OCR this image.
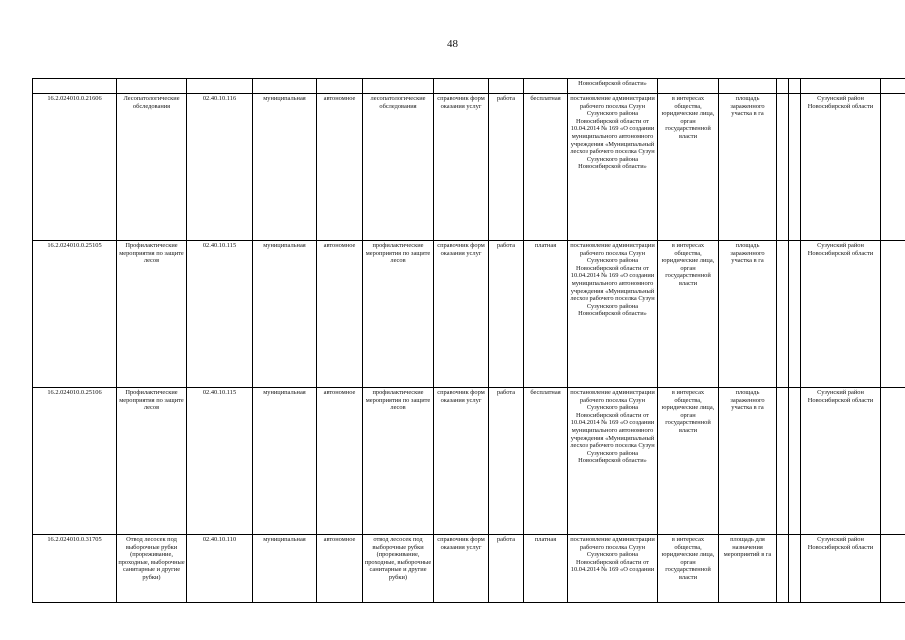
48
									Новосибирской области»						
16.2.024010.0.21606	Лесопатологические обследования	02.40.10.116	муниципальная	автономное	лесопатологические обследования	справочник форм оказания услуг	работа	бесплатная	постановление администрации рабочего поселка Сузун Сузунского района Новосибирской области от 10.04.2014 № 169 «О создании муниципального автономного учреждения «Муниципальный лесхоз рабочего поселка Сузун Сузунского района Новосибирской области»	в интересах общества, юридические лица, орган государственной власти	площадь зараженного участка в га			Сузунский район Новосибирской области	
16.2.024010.0.25105	Профилактические мероприятия по защите лесов	02.40.10.115	муниципальная	автономное	профилактические мероприятия по защите лесов	справочник форм оказания услуг	работа	платная	постановление администрации рабочего поселка Сузун Сузунского района Новосибирской области от 10.04.2014 № 169 «О создании муниципального автономного учреждения «Муниципальный лесхоз рабочего поселка Сузун Сузунского района Новосибирской области»	в интересах общества, юридические лица, орган государственной власти	площадь зараженного участка в га			Сузунский район Новосибирской области	
16.2.024010.0.25106	Профилактические мероприятия по защите лесов	02.40.10.115	муниципальная	автономное	профилактические мероприятия по защите лесов	справочник форм оказания услуг	работа	бесплатная	постановление администрации рабочего поселка Сузун Сузунского района Новосибирской области от 10.04.2014 № 169 «О создании муниципального автономного учреждения «Муниципальный лесхоз рабочего поселка Сузун Сузунского района Новосибирской области»	в интересах общества, юридические лица, орган государственной власти	площадь зараженного участка в га			Сузунский район Новосибирской области	
16.2.024010.0.31705	Отвод лесосек под выборочные рубки (прореживание, проходные, выборочные санитарные и другие рубки)	02.40.10.110	муниципальная	автономное	отвод лесосек под выборочные рубки (прореживание, проходные, выборочные санитарные и другие рубки)	справочник форм оказания услуг	работа	платная	постановление администрации рабочего поселка Сузун Сузунского района Новосибирской области от 10.04.2014 № 169 «О создании	в интересах общества, юридические лица, орган государственной власти	площадь для назначения мероприятий в га			Сузунский район Новосибирской области	
